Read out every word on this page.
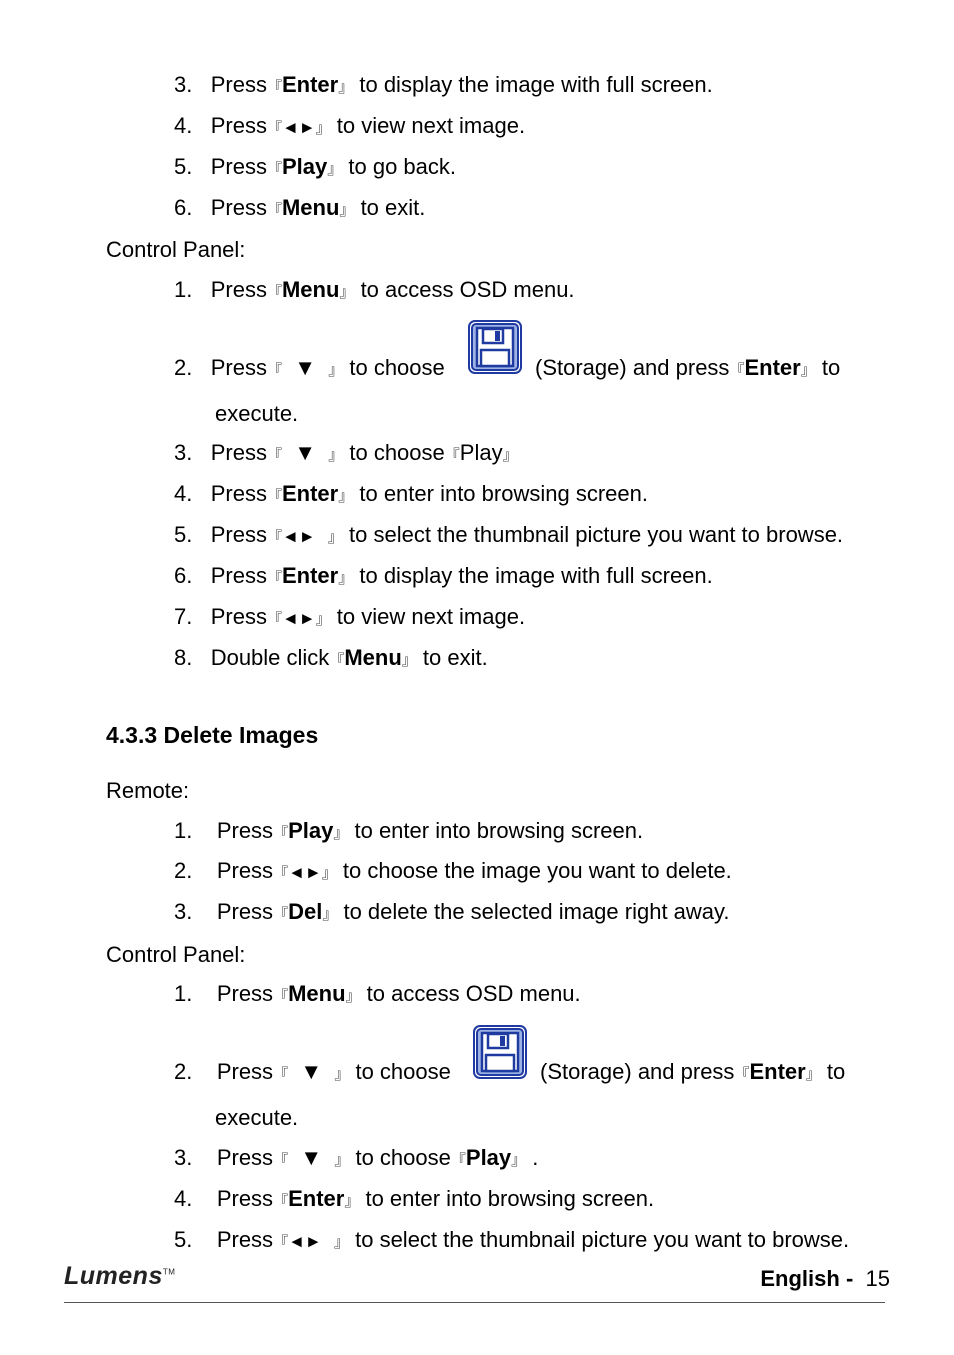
3. Press『Enter』 to display the image with full screen.
4. Press『◄►』 to view next image.
5. Press『Play』 to go back.
6. Press『Menu』 to exit.
Control Panel:
1. Press『Menu』 to access OSD menu.
2. Press『 ▼ 』 to choose	(Storage) and press『Enter』 to
execute.
3. Press『 ▼ 』 to choose『Play』
4. Press『Enter』 to enter into browsing screen.
5. Press『◄► 』 to select the thumbnail picture you want to browse.
6. Press『Enter』 to display the image with full screen.
7. Press『◄►』 to view next image.
8. Double click『Menu』 to exit.
4.3.3 Delete Images
Remote:
1. Press『Play』 to enter into browsing screen.
2. Press『◄►』 to choose the image you want to delete.
3. Press『Del』 to delete the selected image right away.
Control Panel:
1. Press『Menu』 to access OSD menu.
2. Press『 ▼ 』 to choose	(Storage) and press『Enter』 to
execute.
3. Press『 ▼ 』 to choose『Play』 .
4. Press『Enter』 to enter into browsing screen.
5. Press『◄► 』 to select the thumbnail picture you want to browse.
Lumens™	English - 15
